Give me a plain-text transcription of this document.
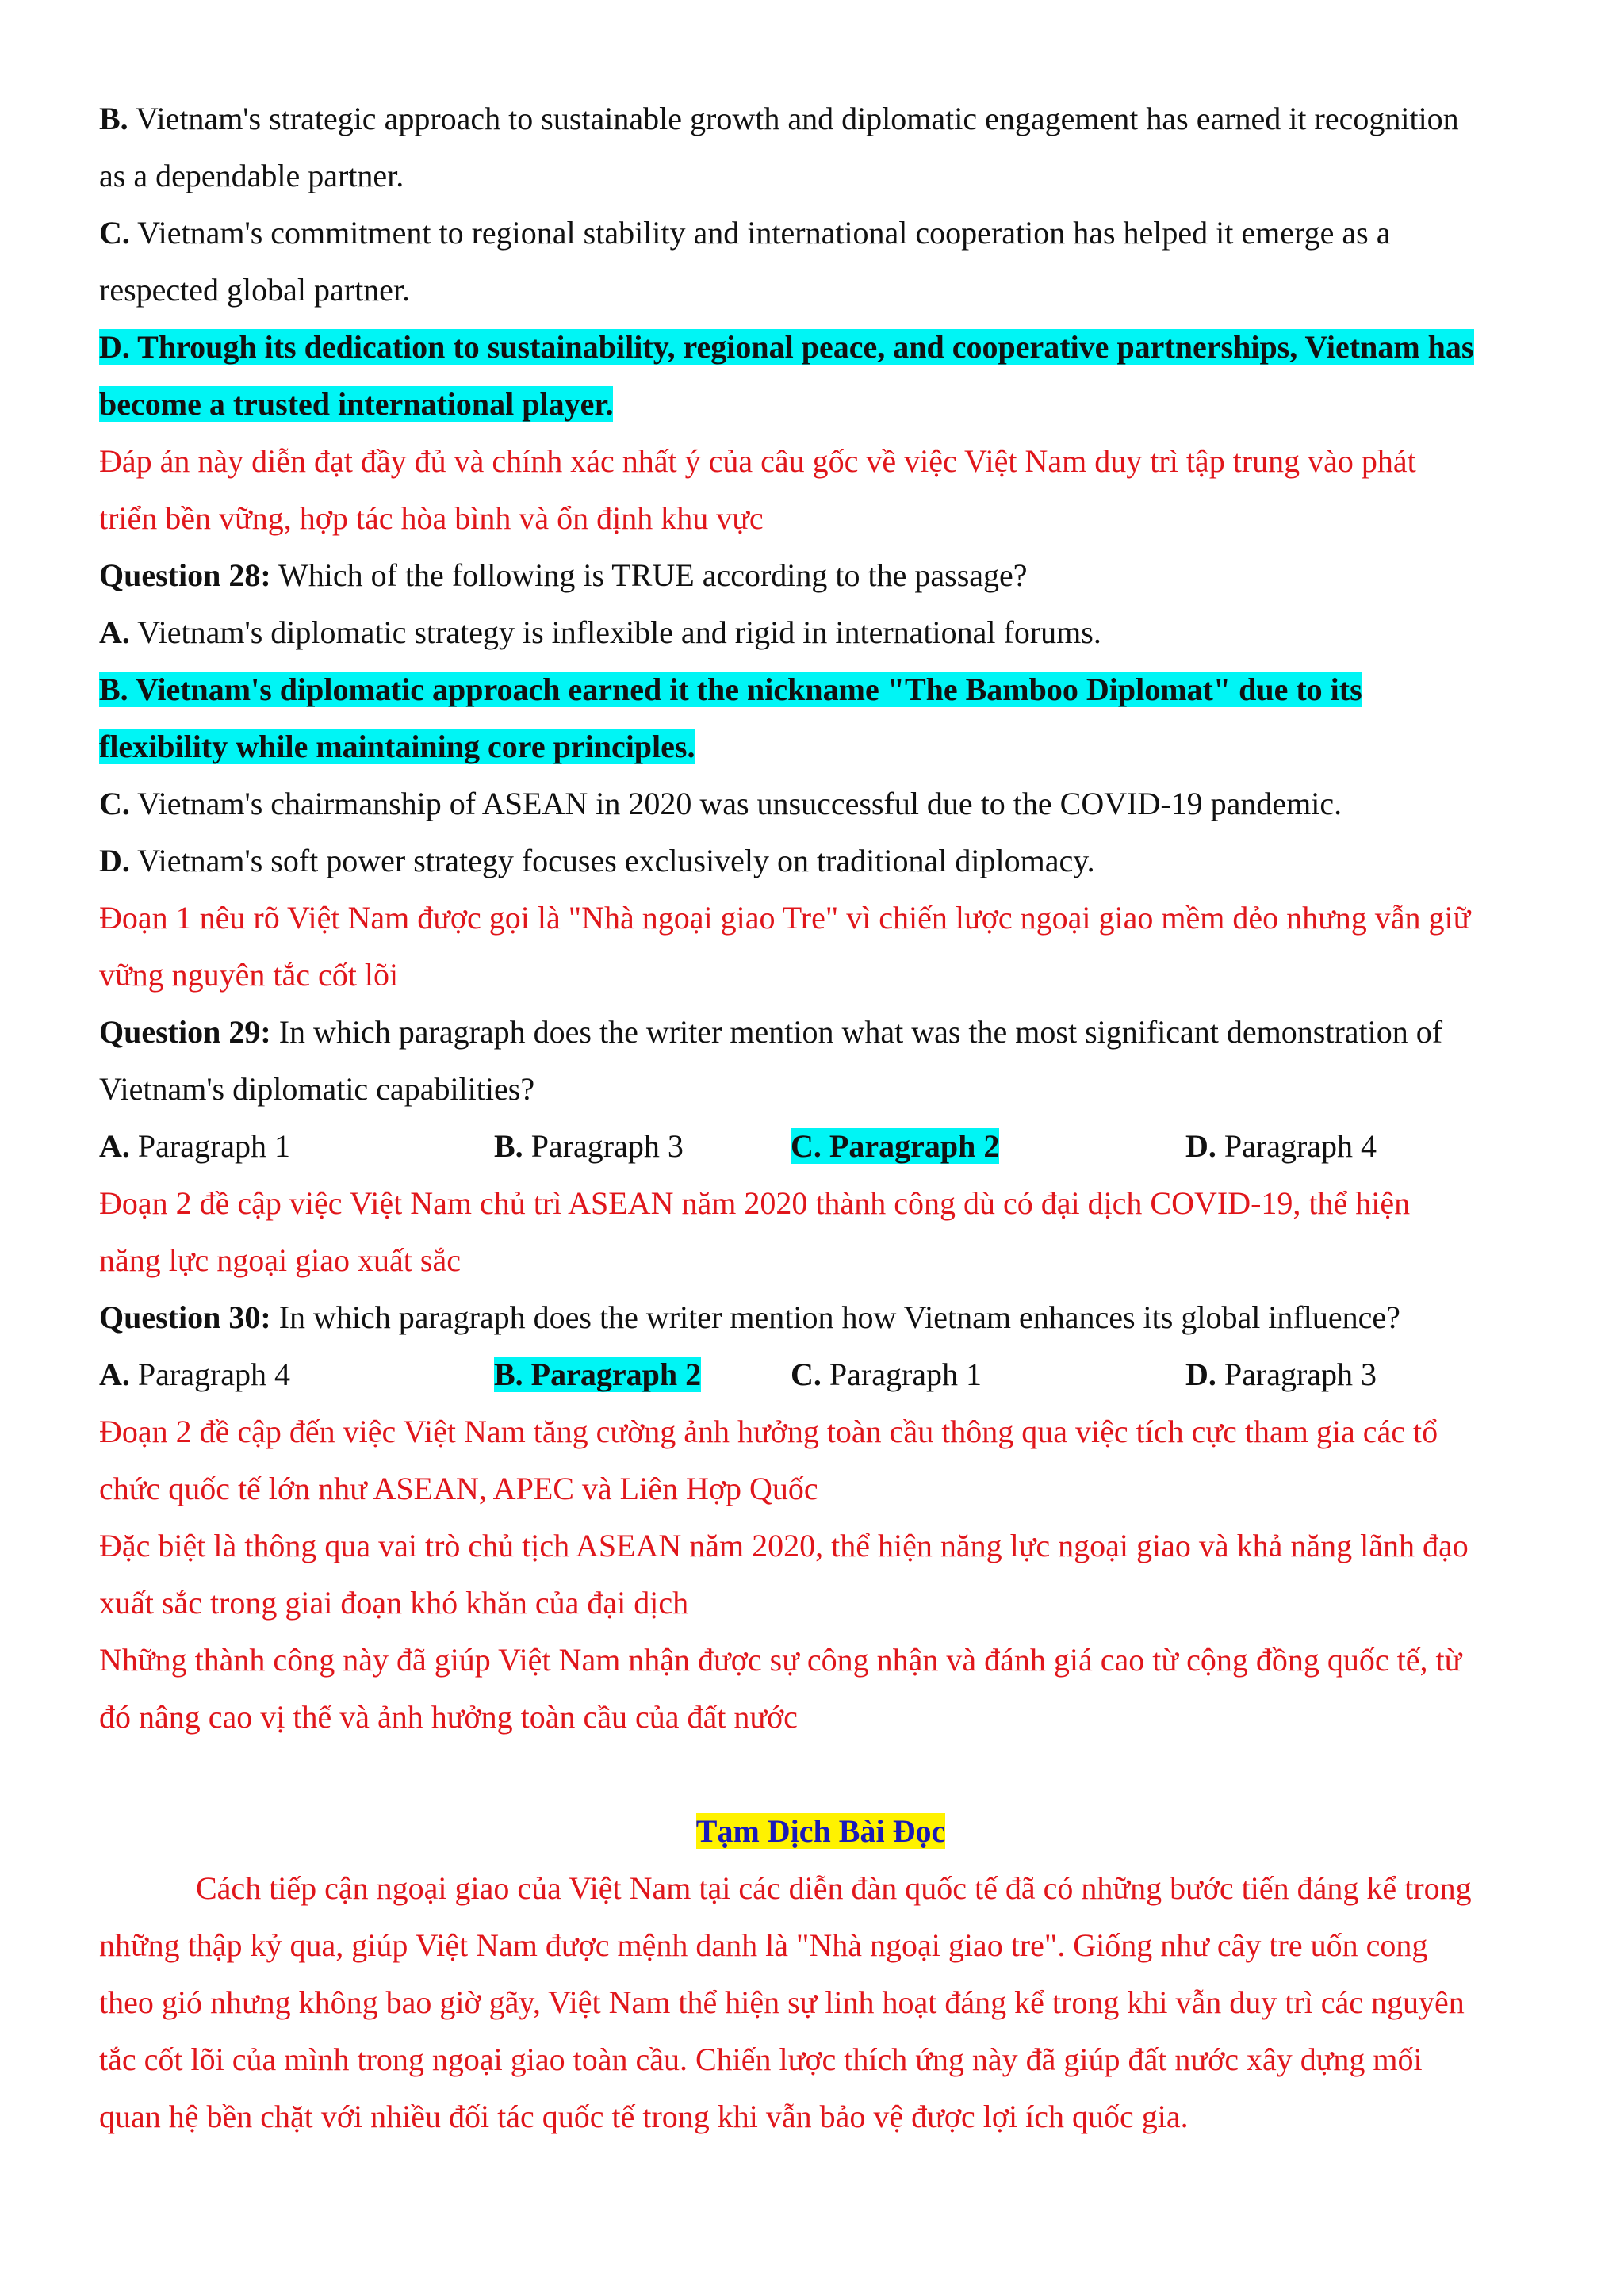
B. Vietnam's strategic approach to sustainable growth and diplomatic engagement has earned it recognition
as a dependable partner.
C. Vietnam's commitment to regional stability and international cooperation has helped it emerge as a
respected global partner.
D. Through its dedication to sustainability, regional peace, and cooperative partnerships, Vietnam has
become a trusted international player.
Đáp án này diễn đạt đầy đủ và chính xác nhất ý của câu gốc về việc Việt Nam duy trì tập trung vào phát
triển bền vững, hợp tác hòa bình và ổn định khu vực
Question 28: Which of the following is TRUE according to the passage?
A. Vietnam's diplomatic strategy is inflexible and rigid in international forums.
B. Vietnam's diplomatic approach earned it the nickname "The Bamboo Diplomat" due to its
flexibility while maintaining core principles.
C. Vietnam's chairmanship of ASEAN in 2020 was unsuccessful due to the COVID-19 pandemic.
D. Vietnam's soft power strategy focuses exclusively on traditional diplomacy.
Đoạn 1 nêu rõ Việt Nam được gọi là "Nhà ngoại giao Tre" vì chiến lược ngoại giao mềm dẻo nhưng vẫn giữ
vững nguyên tắc cốt lõi
Question 29: In which paragraph does the writer mention what was the most significant demonstration of
Vietnam's diplomatic capabilities?
A. Paragraph 1	B. Paragraph 3	C. Paragraph 2	D. Paragraph 4
Đoạn 2 đề cập việc Việt Nam chủ trì ASEAN năm 2020 thành công dù có đại dịch COVID-19, thể hiện
năng lực ngoại giao xuất sắc
Question 30: In which paragraph does the writer mention how Vietnam enhances its global influence?
A. Paragraph 4	B. Paragraph 2	C. Paragraph 1	D. Paragraph 3
Đoạn 2 đề cập đến việc Việt Nam tăng cường ảnh hưởng toàn cầu thông qua việc tích cực tham gia các tổ
chức quốc tế lớn như ASEAN, APEC và Liên Hợp Quốc
Đặc biệt là thông qua vai trò chủ tịch ASEAN năm 2020, thể hiện năng lực ngoại giao và khả năng lãnh đạo
xuất sắc trong giai đoạn khó khăn của đại dịch
Những thành công này đã giúp Việt Nam nhận được sự công nhận và đánh giá cao từ cộng đồng quốc tế, từ
đó nâng cao vị thế và ảnh hưởng toàn cầu của đất nước
Tạm Dịch Bài Đọc
Cách tiếp cận ngoại giao của Việt Nam tại các diễn đàn quốc tế đã có những bước tiến đáng kể trong
những thập kỷ qua, giúp Việt Nam được mệnh danh là "Nhà ngoại giao tre". Giống như cây tre uốn cong
theo gió nhưng không bao giờ gãy, Việt Nam thể hiện sự linh hoạt đáng kể trong khi vẫn duy trì các nguyên
tắc cốt lõi của mình trong ngoại giao toàn cầu. Chiến lược thích ứng này đã giúp đất nước xây dựng mối
quan hệ bền chặt với nhiều đối tác quốc tế trong khi vẫn bảo vệ được lợi ích quốc gia.
